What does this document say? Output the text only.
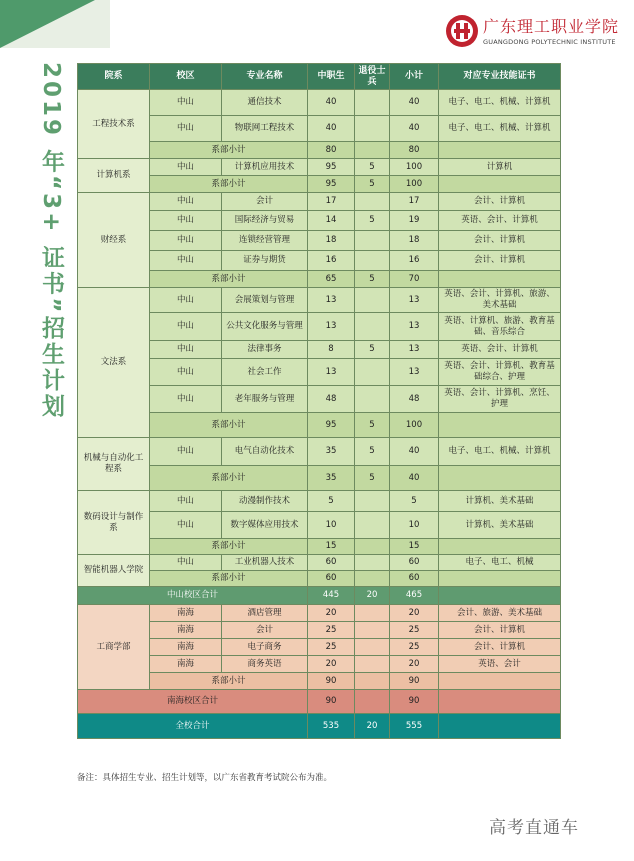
广东理工职业学院
GUANGDONG POLYTECHNIC INSTITUTE
2019 年“3+ 证书”招生计划	院系	校区	专业名称	中职生	退役士兵	小计	对应专业技能证书
工程技术系	中山	通信技术	40		40	电子、电工、机械、计算机
	中山	物联网工程技术	40		40	电子、电工、机械、计算机
	系部小计		80		80	
计算机系	中山	计算机应用技术	95	5	100	计算机
	系部小计		95	5	100	
财经系	中山	会计	17		17	会计、计算机
	中山	国际经济与贸易	14	5	19	英语、会计、计算机
	中山	连锁经营管理	18		18	会计、计算机
	中山	证券与期货	16		16	会计、计算机
	系部小计		65	5	70	
文法系	中山	会展策划与管理	13		13	英语、会计、计算机、旅游、美术基础
	中山	公共文化服务与管理	13		13	英语、计算机、旅游、教育基础、音乐综合
	中山	法律事务	8	5	13	英语、会计、计算机
	中山	社会工作	13		13	英语、会计、计算机、教育基础综合、护理
	中山	老年服务与管理	48		48	英语、会计、计算机、烹饪、护理
	系部小计		95	5	100	
机械与自动化工程系	中山	电气自动化技术	35	5	40	电子、电工、机械、计算机
	系部小计		35	5	40	
数码设计与制作系	中山	动漫制作技术	5		5	计算机、美术基础
	中山	数字媒体应用技术	10		10	计算机、美术基础
	系部小计		15		15	
智能机器人学院	中山	工业机器人技术	60		60	电子、电工、机械
	系部小计		60		60	
中山校区合计			445	20	465	
工商学部	南海	酒店管理	20		20	会计、旅游、美术基础
	南海	会计	25		25	会计、计算机
	南海	电子商务	25		25	会计、计算机
	南海	商务英语	20		20	英语、会计
	系部小计		90		90	
南海校区合计			90		90	
全校合计			535	20	555	
备注：具体招生专业、招生计划等，以广东省教育考试院公布为准。
高考直通车
